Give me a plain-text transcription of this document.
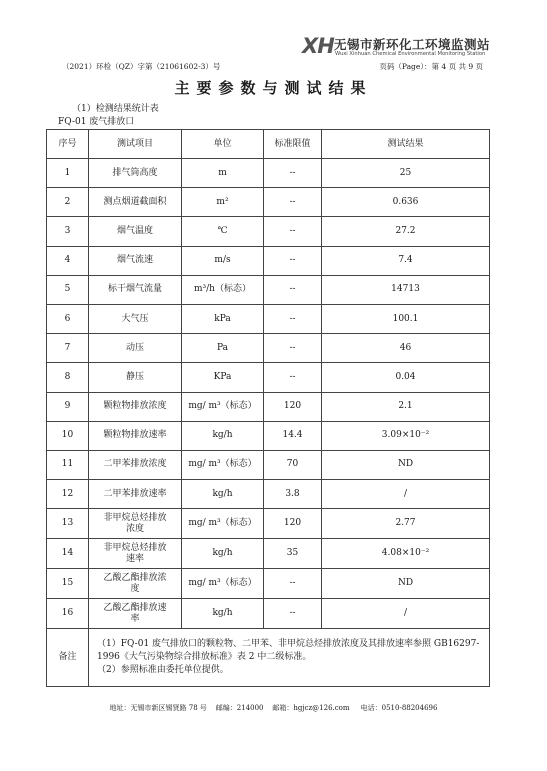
XH 无锡市新环化工环境监测站
Wuxi Xinhuan Chemical Environmental Monitoring Station
（2021）环检（QZ）字第（21061602-3）号	页码（Page）：第 4 页 共 9 页
主要参数与测试结果
（1）检测结果统计表
FQ-01 废气排放口
序号	测试项目	单位	标准限值	测试结果
1	排气筒高度	m	--	25
2	测点烟道截面积	m²	--	0.636
3	烟气温度	℃	--	27.2
4	烟气流速	m/s	--	7.4
5	标干烟气流量	m³/h（标态）	--	14713
6	大气压	kPa	--	100.1
7	动压	Pa	--	46
8	静压	KPa	--	0.04
9	颗粒物排放浓度	mg/ m³（标态）	120	2.1
10	颗粒物排放速率	kg/h	14.4	3.09×10⁻²
11	二甲苯排放浓度	mg/ m³（标态）	70	ND
12	二甲苯排放速率	kg/h	3.8	/
13	非甲烷总烃排放浓度	mg/ m³（标态）	120	2.77
14	非甲烷总烃排放速率	kg/h	35	4.08×10⁻²
15	乙酸乙酯排放浓度	mg/ m³（标态）	--	ND
16	乙酸乙酯排放速率	kg/h	--	/
备注	（1）FQ-01 废气排放口的颗粒物、二甲苯、非甲烷总烃排放浓度及其排放速率参照 GB16297-1996《大气污染物综合排放标准》表 2 中二级标准。
（2）参照标准由委托单位提供。			
地址：无锡市新区锡贤路 78 号    邮编：214000    邮箱：hgjcz@126.com     电话：0510-88204696
